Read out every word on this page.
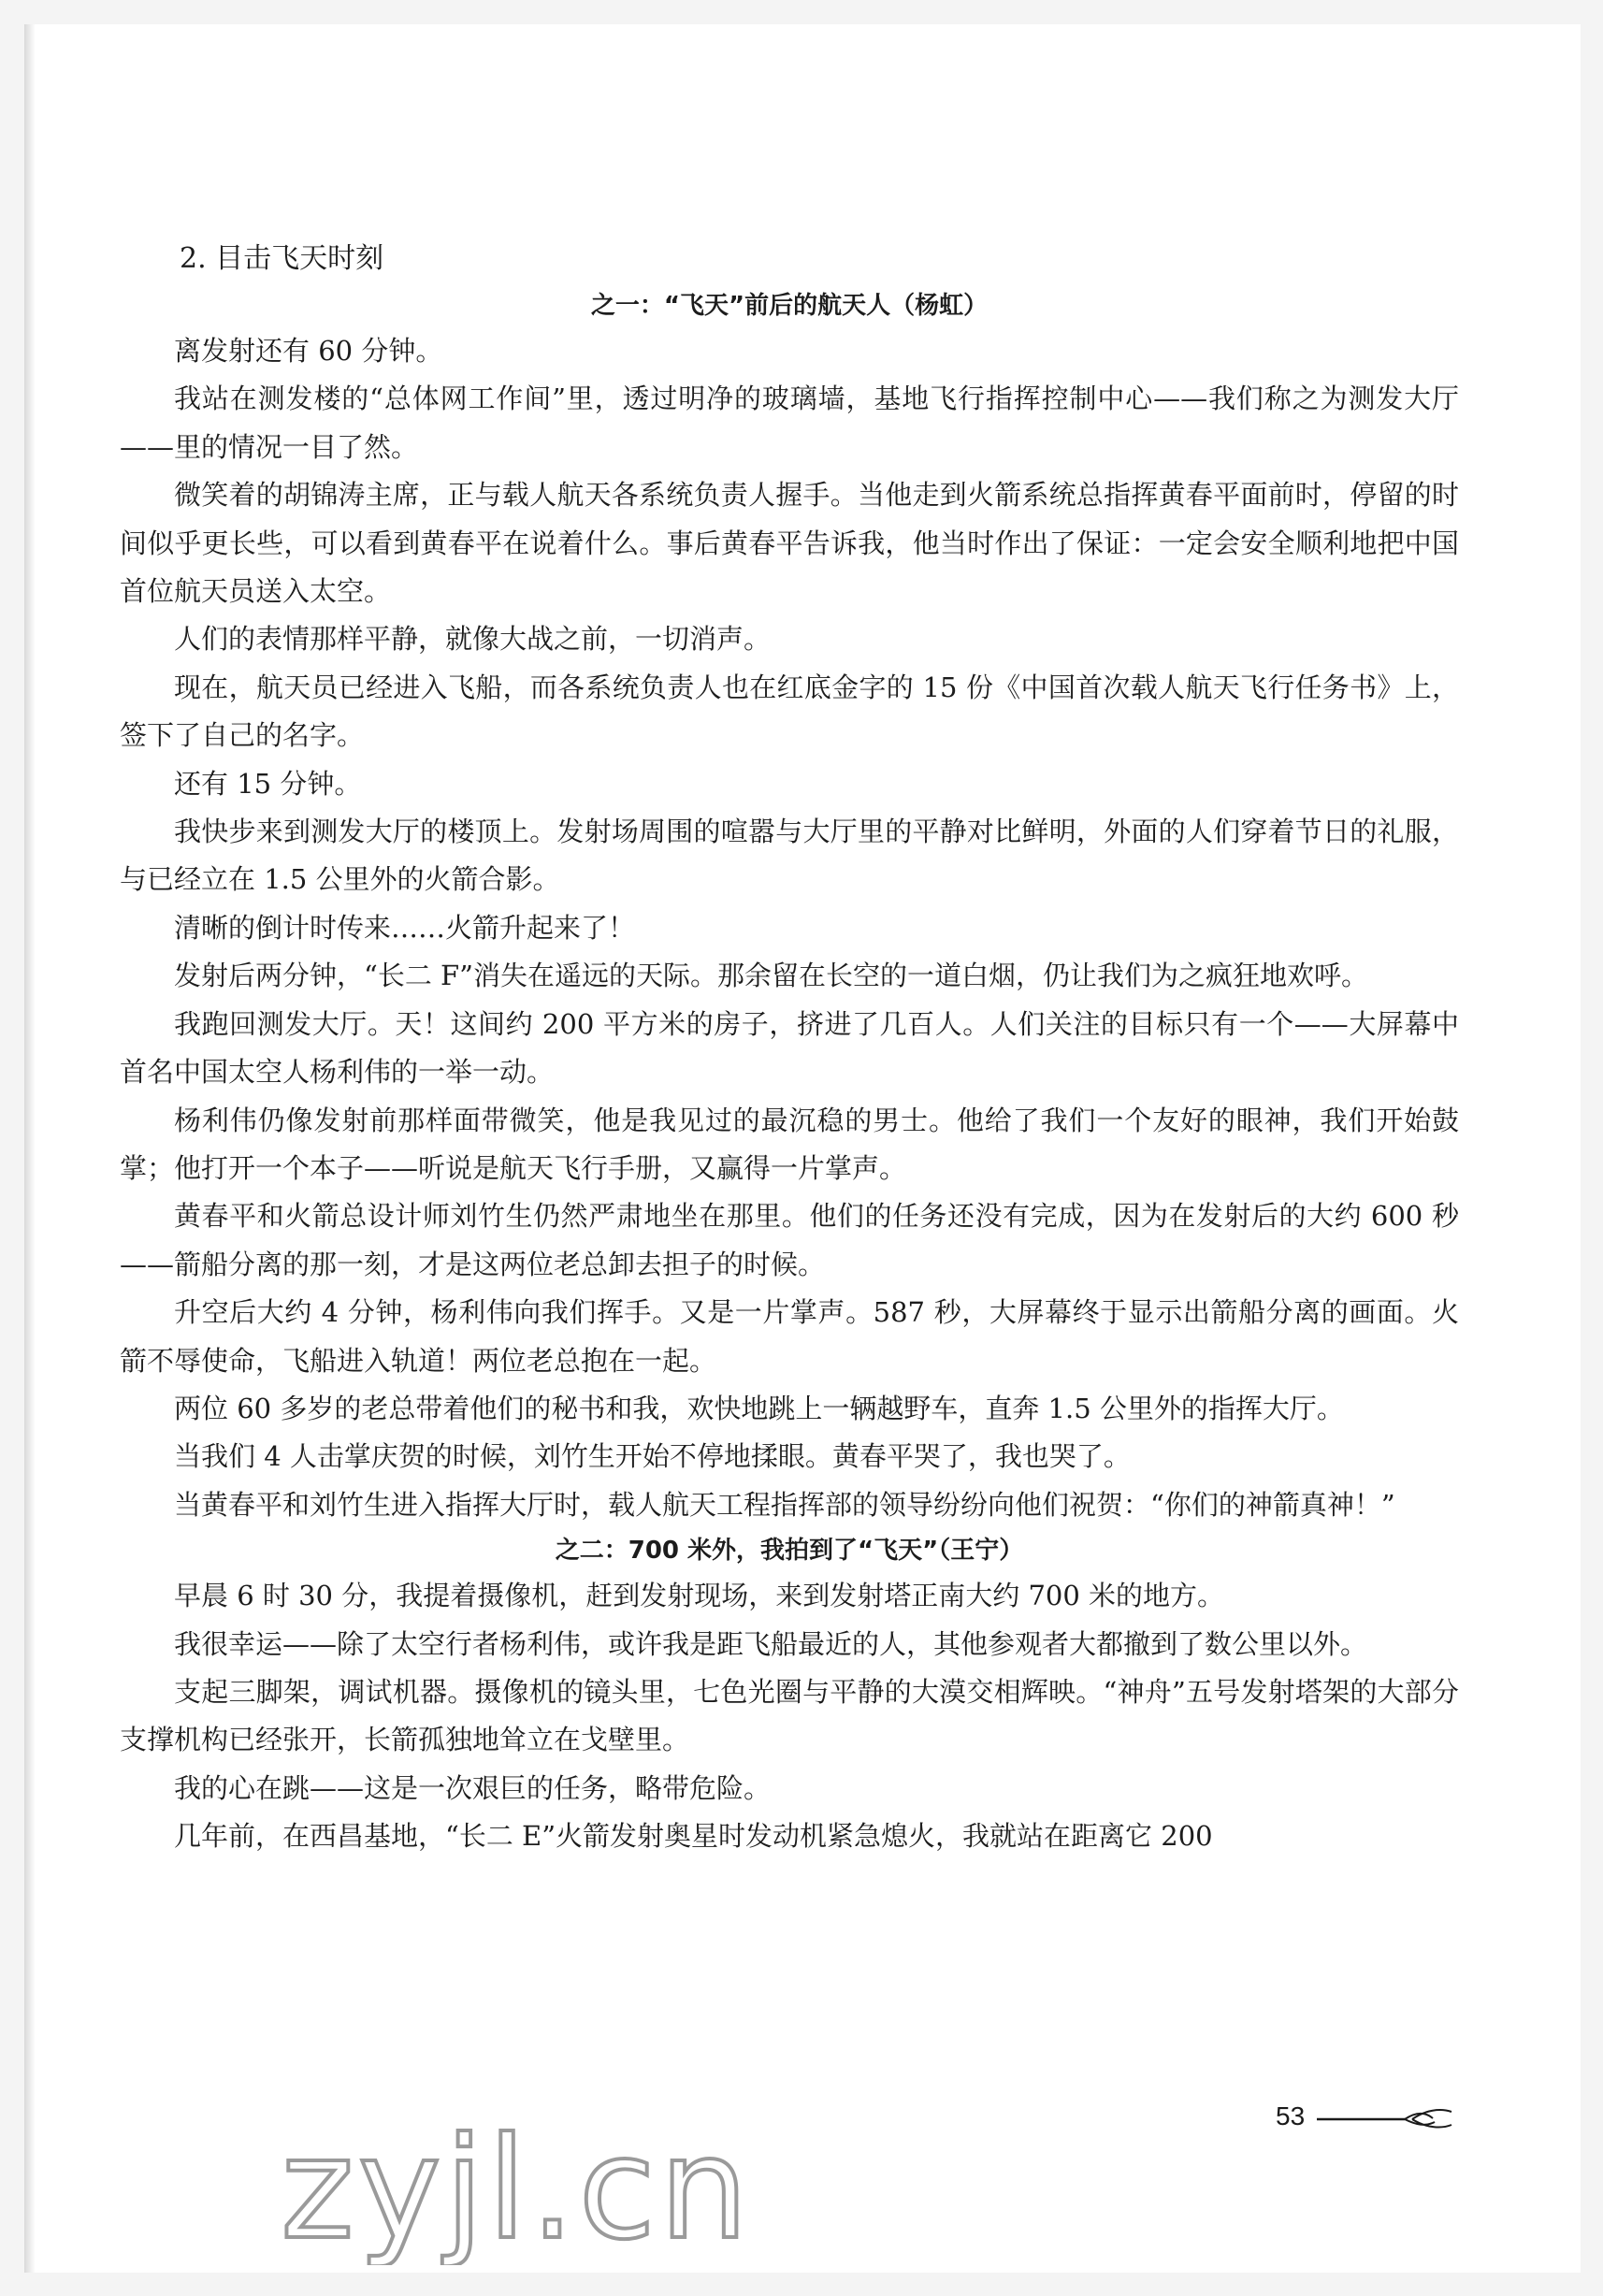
2. 目击飞天时刻

之一：“飞天”前后的航天人（杨虹）

离发射还有 60 分钟。

我站在测发楼的“总体网工作间”里，透过明净的玻璃墙，基地飞行指挥控制中心——我们称之为测发大厅——里的情况一目了然。

微笑着的胡锦涛主席，正与载人航天各系统负责人握手。当他走到火箭系统总指挥黄春平面前时，停留的时间似乎更长些，可以看到黄春平在说着什么。事后黄春平告诉我，他当时作出了保证：一定会安全顺利地把中国首位航天员送入太空。

人们的表情那样平静，就像大战之前，一切消声。

现在，航天员已经进入飞船，而各系统负责人也在红底金字的 15 份《中国首次载人航天飞行任务书》上，签下了自己的名字。

还有 15 分钟。

我快步来到测发大厅的楼顶上。发射场周围的喧嚣与大厅里的平静对比鲜明，外面的人们穿着节日的礼服，与已经立在 1.5 公里外的火箭合影。

清晰的倒计时传来……火箭升起来了！

发射后两分钟，“长二 F”消失在遥远的天际。那余留在长空的一道白烟，仍让我们为之疯狂地欢呼。

我跑回测发大厅。天！这间约 200 平方米的房子，挤进了几百人。人们关注的目标只有一个——大屏幕中首名中国太空人杨利伟的一举一动。

杨利伟仍像发射前那样面带微笑，他是我见过的最沉稳的男士。他给了我们一个友好的眼神，我们开始鼓掌；他打开一个本子——听说是航天飞行手册，又赢得一片掌声。

黄春平和火箭总设计师刘竹生仍然严肃地坐在那里。他们的任务还没有完成，因为在发射后的大约 600 秒——箭船分离的那一刻，才是这两位老总卸去担子的时候。

升空后大约 4 分钟，杨利伟向我们挥手。又是一片掌声。587 秒，大屏幕终于显示出箭船分离的画面。火箭不辱使命，飞船进入轨道！两位老总抱在一起。

两位 60 多岁的老总带着他们的秘书和我，欢快地跳上一辆越野车，直奔 1.5 公里外的指挥大厅。

当我们 4 人击掌庆贺的时候，刘竹生开始不停地揉眼。黄春平哭了，我也哭了。

当黄春平和刘竹生进入指挥大厅时，载人航天工程指挥部的领导纷纷向他们祝贺：“你们的神箭真神！”

之二：700 米外，我拍到了“飞天”（王宁）

早晨 6 时 30 分，我提着摄像机，赶到发射现场，来到发射塔正南大约 700 米的地方。

我很幸运——除了太空行者杨利伟，或许我是距飞船最近的人，其他参观者大都撤到了数公里以外。

支起三脚架，调试机器。摄像机的镜头里，七色光圈与平静的大漠交相辉映。“神舟”五号发射塔架的大部分支撑机构已经张开，长箭孤独地耸立在戈壁里。

我的心在跳——这是一次艰巨的任务，略带危险。

几年前，在西昌基地，“长二 E”火箭发射奥星时发动机紧急熄火，我就站在距离它 200

53
zyjl.cn
